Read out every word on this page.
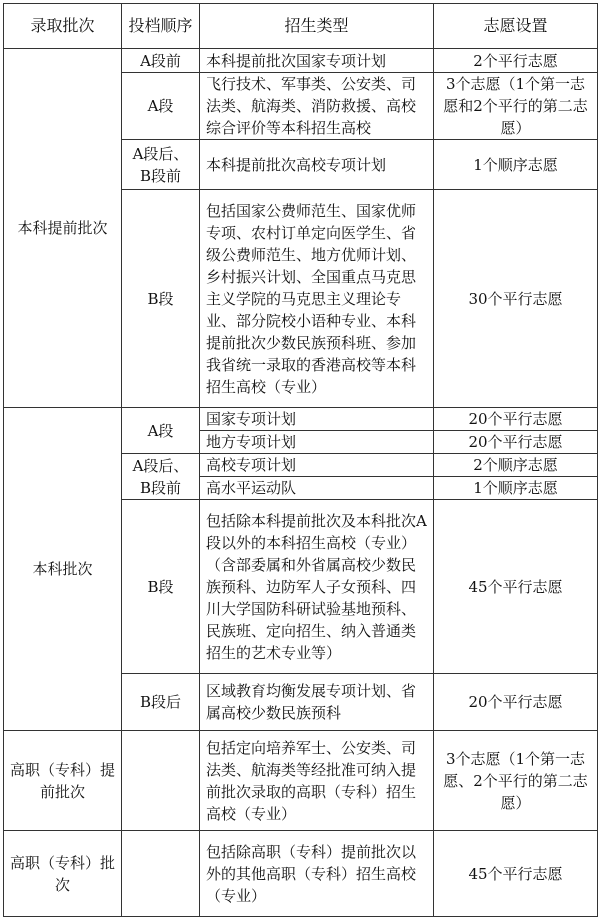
录取批次	投档顺序	招生类型	志愿设置
本科提前批次	A段前	本科提前批次国家专项计划	2个平行志愿
	A段	飞行技术、军事类、公安类、司法类、航海类、消防救援、高校综合评价等本科招生高校	3个志愿（1个第一志愿和2个平行的第二志愿）
	A段后、B段前	本科提前批次高校专项计划	1个顺序志愿
	B段	包括国家公费师范生、国家优师专项、农村订单定向医学生、省级公费师范生、地方优师计划、乡村振兴计划、全国重点马克思主义学院的马克思主义理论专业、部分院校小语种专业、本科提前批次少数民族预科班、参加我省统一录取的香港高校等本科招生高校（专业）	30个平行志愿
本科批次	A段	国家专项计划	20个平行志愿
		地方专项计划	20个平行志愿
	A段后、B段前	高校专项计划	2个顺序志愿
		高水平运动队	1个顺序志愿
	B段	包括除本科提前批次及本科批次A段以外的本科招生高校（专业）（含部委属和外省属高校少数民族预科、边防军人子女预科、四川大学国防科研试验基地预科、民族班、定向招生、纳入普通类招生的艺术专业等）	45个平行志愿
	B段后	区域教育均衡发展专项计划、省属高校少数民族预科	20个平行志愿
高职（专科）提前批次		包括定向培养军士、公安类、司法类、航海类等经批准可纳入提前批次录取的高职（专科）招生高校（专业）	3个志愿（1个第一志愿、2个平行的第二志愿）
高职（专科）批次		包括除高职（专科）提前批次以外的其他高职（专科）招生高校（专业）	45个平行志愿
